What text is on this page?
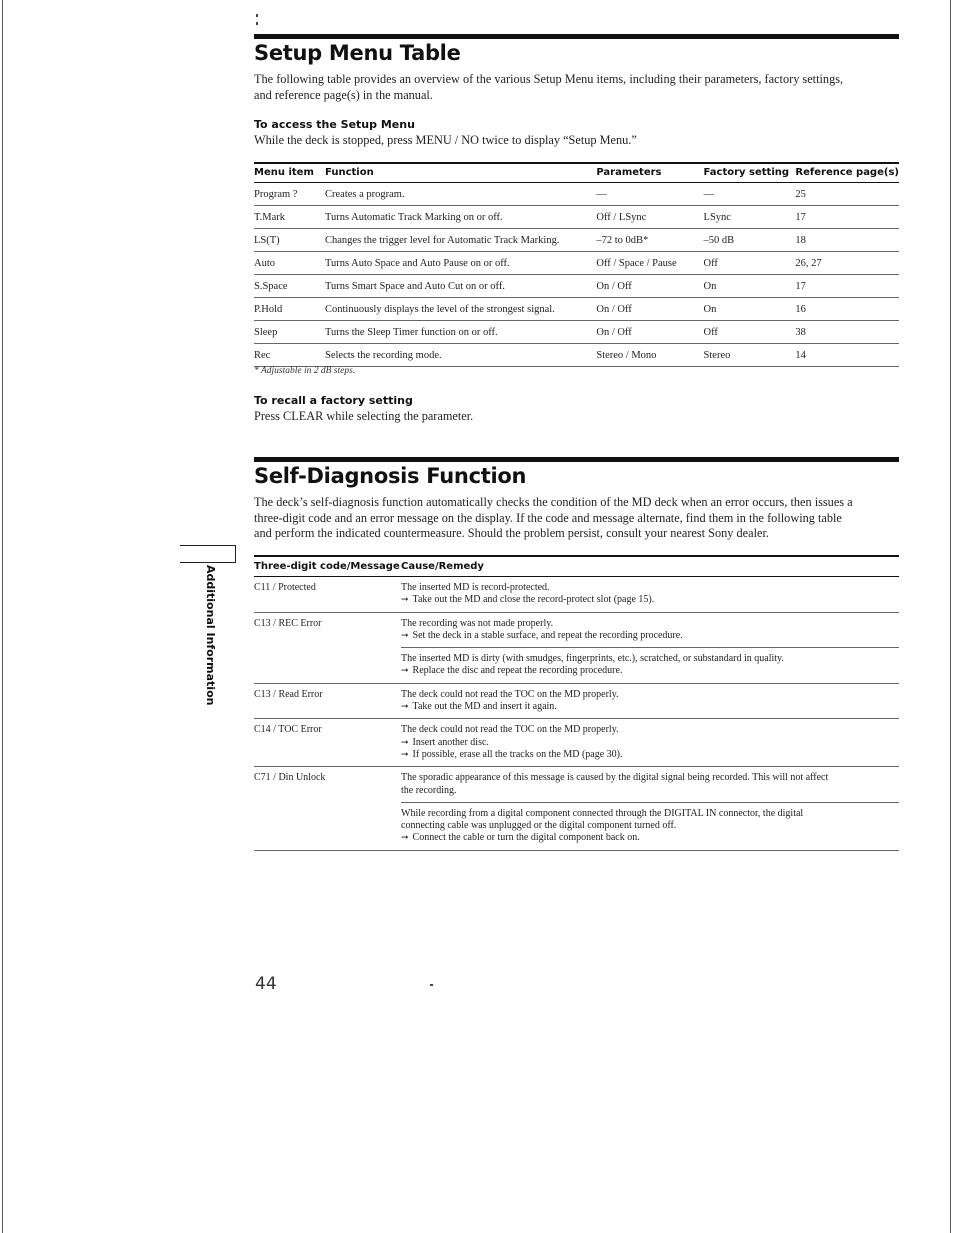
Setup Menu Table

The following table provides an overview of the various Setup Menu items, including their parameters, factory settings,
and reference page(s) in the manual.

To access the Setup Menu

While the deck is stopped, press MENU / NO twice to display “Setup Menu.”

Menu item	Function	Parameters	Factory setting	Reference page(s)
Program ?	Creates a program.	—	—	25
T.Mark	Turns Automatic Track Marking on or off.	Off / LSync	LSync	17
LS(T)	Changes the trigger level for Automatic Track Marking.	–72 to 0dB*	–50 dB	18
Auto	Turns Auto Space and Auto Pause on or off.	Off / Space / Pause	Off	26, 27
S.Space	Turns Smart Space and Auto Cut on or off.	On / Off	On	17
P.Hold	Continuously displays the level of the strongest signal.	On / Off	On	16
Sleep	Turns the Sleep Timer function on or off.	On / Off	Off	38
Rec	Selects the recording mode.	Stereo / Mono	Stereo	14

* Adjustable in 2 dB steps.

To recall a factory setting

Press CLEAR while selecting the parameter.

Self-Diagnosis Function

The deck’s self-diagnosis function automatically checks the condition of the MD deck when an error occurs, then issues a
three-digit code and an error message on the display. If the code and message alternate, find them in the following table
and perform the indicated countermeasure. Should the problem persist, consult your nearest Sony dealer.

Additional Information	Three-digit code/Message	Cause/Remedy
C11 / Protected	The inserted MD is record-protected.
➞ Take out the MD and close the record-protect slot (page 15).

C13 / REC Error	The recording was not made properly.
➞ Set the deck in a stable surface, and repeat the recording procedure.

	The inserted MD is dirty (with smudges, fingerprints, etc.), scratched, or substandard in quality.
➞ Replace the disc and repeat the recording procedure.

C13 / Read Error	The deck could not read the TOC on the MD properly.
➞ Take out the MD and insert it again.

C14 / TOC Error	The deck could not read the TOC on the MD properly.
➞ Insert another disc.
➞ If possible, erase all the tracks on the MD (page 30).

C71 / Din Unlock	The sporadic appearance of this message is caused by the digital signal being recorded. This will not affect
the recording.

	While recording from a digital component connected through the DIGITAL IN connector, the digital
connecting cable was unplugged or the digital component turned off.
➞ Connect the cable or turn the digital component back on.

44
